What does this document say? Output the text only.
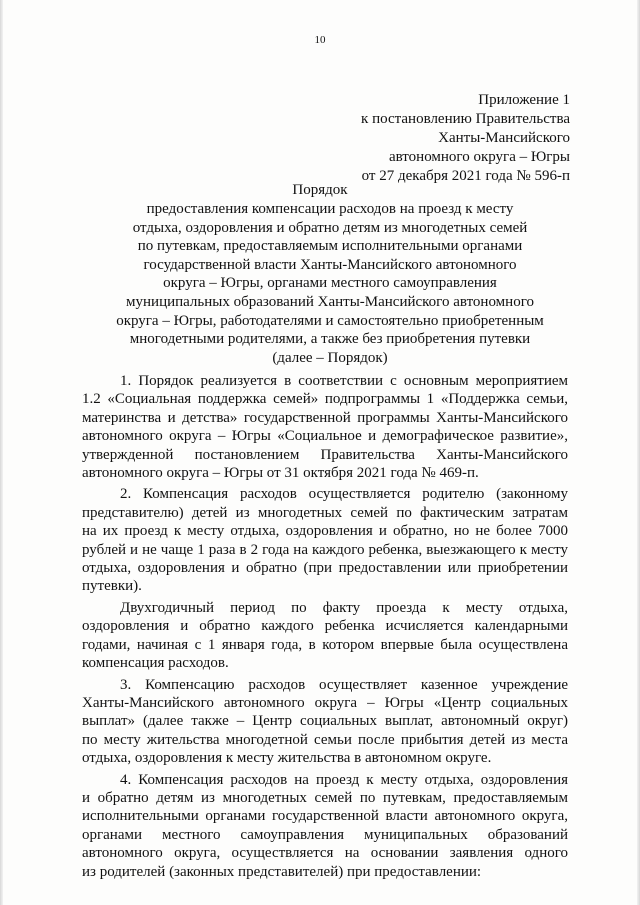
10
Приложение 1
к постановлению Правительства
Ханты-Мансийского
автономного округа – Югры
от 27 декабря 2021 года № 596-п
Порядок
предоставления компенсации расходов на проезд к месту
отдыха, оздоровления и обратно детям из многодетных семей
по путевкам, предоставляемым исполнительными органами
государственной власти Ханты-Мансийского автономного
округа – Югры, органами местного самоуправления
муниципальных образований Ханты-Мансийского автономного
округа – Югры, работодателями и самостоятельно приобретенным
многодетными родителями, а также без приобретения путевки
(далее – Порядок)
1. Порядок реализуется в соответствии с основным мероприятием
1.2 «Социальная поддержка семей» подпрограммы 1 «Поддержка семьи,
материнства и детства» государственной программы Ханты-Мансийского
автономного округа – Югры «Социальное и демографическое развитие»,
утвержденной постановлением Правительства Ханты-Мансийского
автономного округа – Югры от 31 октября 2021 года № 469-п.
2. Компенсация расходов осуществляется родителю (законному
представителю) детей из многодетных семей по фактическим затратам
на их проезд к месту отдыха, оздоровления и обратно, но не более 7000
рублей и не чаще 1 раза в 2 года на каждого ребенка, выезжающего к месту
отдыха, оздоровления и обратно (при предоставлении или приобретении
путевки).
Двухгодичный период по факту проезда к месту отдыха,
оздоровления и обратно каждого ребенка исчисляется календарными
годами, начиная с 1 января года, в котором впервые была осуществлена
компенсация расходов.
3. Компенсацию расходов осуществляет казенное учреждение
Ханты-Мансийского автономного округа – Югры «Центр социальных
выплат» (далее также – Центр социальных выплат, автономный округ)
по месту жительства многодетной семьи после прибытия детей из места
отдыха, оздоровления к месту жительства в автономном округе.
4. Компенсация расходов на проезд к месту отдыха, оздоровления
и обратно детям из многодетных семей по путевкам, предоставляемым
исполнительными органами государственной власти автономного округа,
органами местного самоуправления муниципальных образований
автономного округа, осуществляется на основании заявления одного
из родителей (законных представителей) при предоставлении:
